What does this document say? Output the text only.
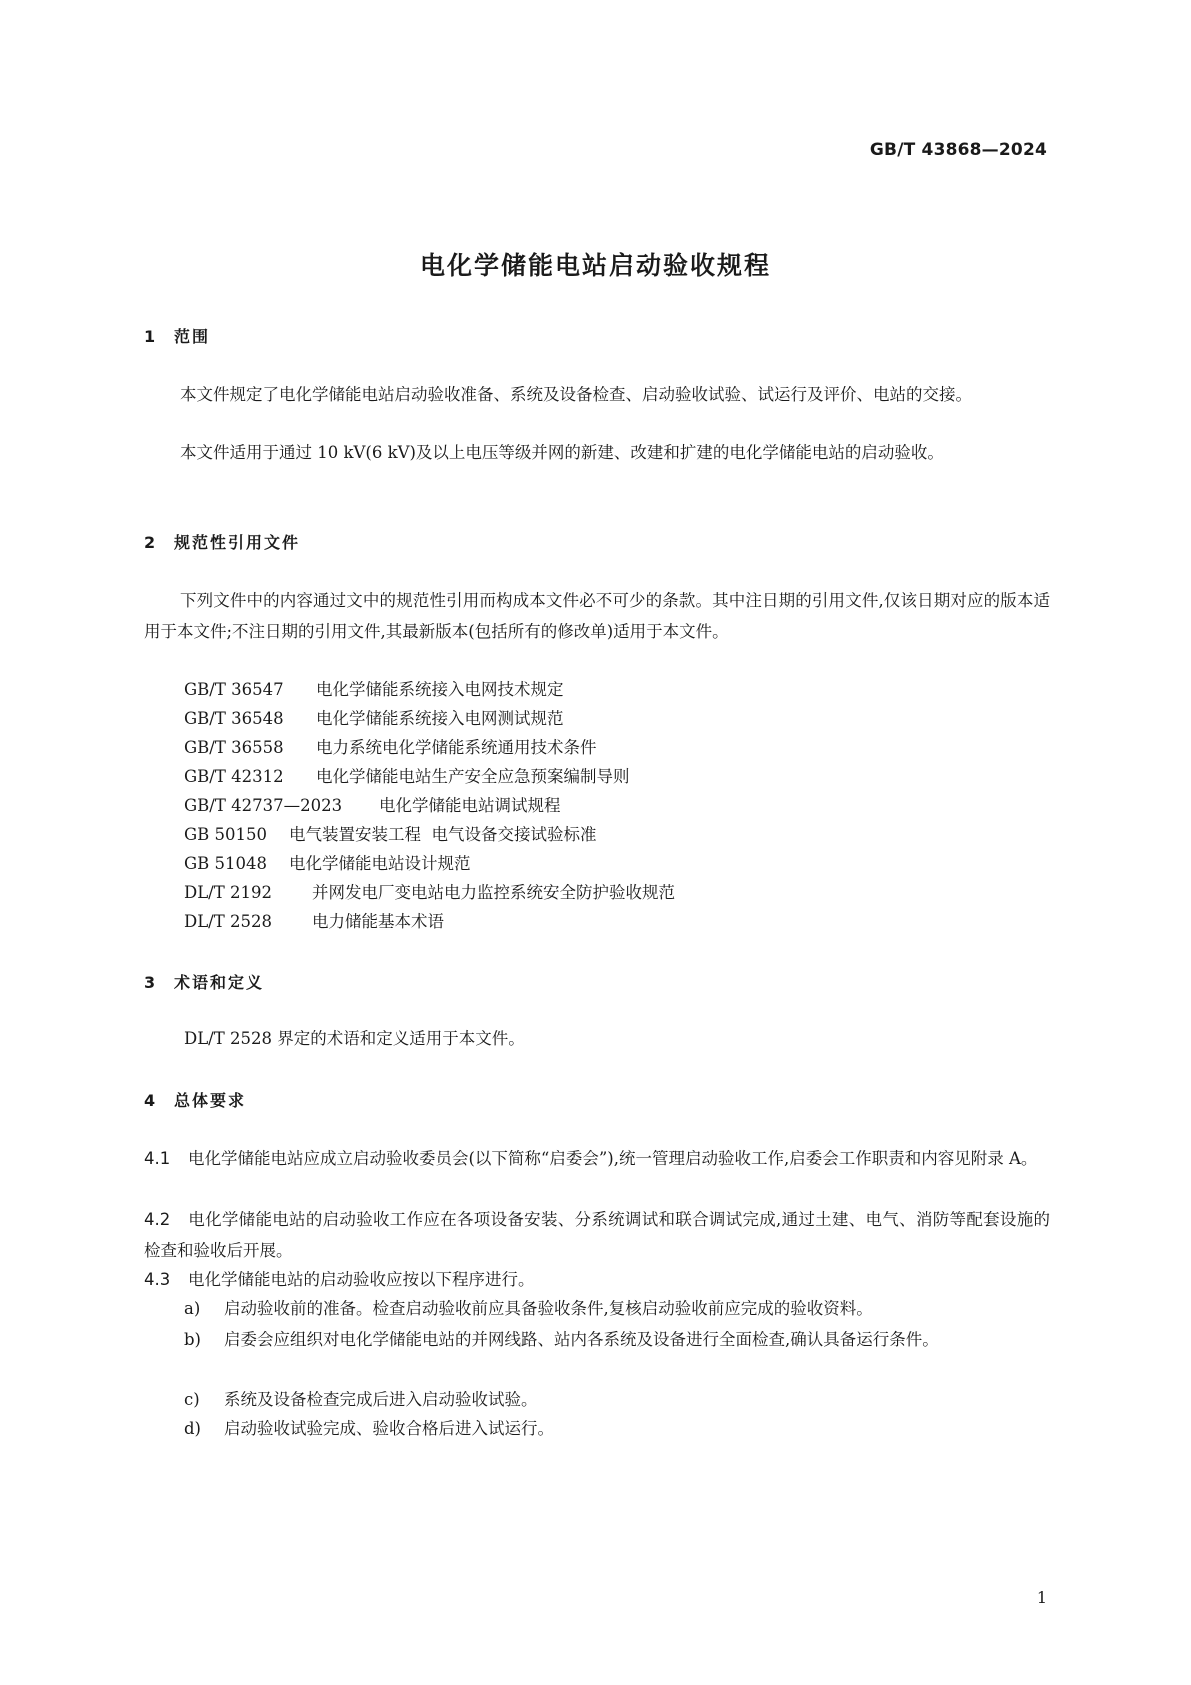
GB/T 43868—2024
电化学储能电站启动验收规程
1 范围
本文件规定了电化学储能电站启动验收准备、系统及设备检查、启动验收试验、试运行及评价、电站的交接。
本文件适用于通过 10 kV(6 kV)及以上电压等级并网的新建、改建和扩建的电化学储能电站的启动验收。
2 规范性引用文件
下列文件中的内容通过文中的规范性引用而构成本文件必不可少的条款。其中注日期的引用文件,仅该日期对应的版本适用于本文件;不注日期的引用文件,其最新版本(包括所有的修改单)适用于本文件。
GB/T 36547 电化学储能系统接入电网技术规定
GB/T 36548 电化学储能系统接入电网测试规范
GB/T 36558 电力系统电化学储能系统通用技术条件
GB/T 42312 电化学储能电站生产安全应急预案编制导则
GB/T 42737—2023 电化学储能电站调试规程
GB 50150 电气装置安装工程  电气设备交接试验标准
GB 51048 电化学储能电站设计规范
DL/T 2192 并网发电厂变电站电力监控系统安全防护验收规范
DL/T 2528 电力储能基本术语
3 术语和定义
DL/T 2528 界定的术语和定义适用于本文件。
4 总体要求
4.1 电化学储能电站应成立启动验收委员会(以下简称“启委会”),统一管理启动验收工作,启委会工作职责和内容见附录 A。
4.2 电化学储能电站的启动验收工作应在各项设备安装、分系统调试和联合调试完成,通过土建、电气、消防等配套设施的检查和验收后开展。
4.3 电化学储能电站的启动验收应按以下程序进行。
a)	启动验收前的准备。检查启动验收前应具备验收条件,复核启动验收前应完成的验收资料。
b)	启委会应组织对电化学储能电站的并网线路、站内各系统及设备进行全面检查,确认具备运行条件。
c)	系统及设备检查完成后进入启动验收试验。
d)	启动验收试验完成、验收合格后进入试运行。
1
